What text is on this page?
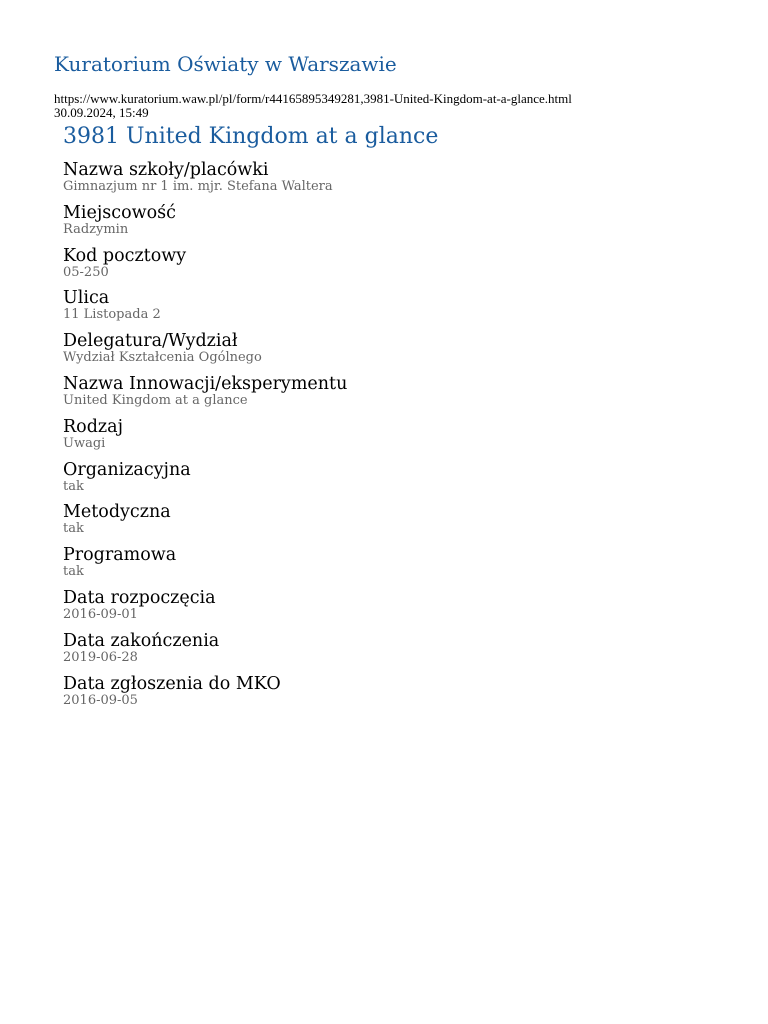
Kuratorium Oświaty w Warszawie
https://www.kuratorium.waw.pl/pl/form/r44165895349281,3981-United-Kingdom-at-a-glance.html
30.09.2024, 15:49
3981 United Kingdom at a glance
Nazwa szkoły/placówki
Gimnazjum nr 1 im. mjr. Stefana Waltera
Miejscowość
Radzymin
Kod pocztowy
05-250
Ulica
11 Listopada 2
Delegatura/Wydział
Wydział Kształcenia Ogólnego
Nazwa Innowacji/eksperymentu
United Kingdom at a glance
Rodzaj
Uwagi
Organizacyjna
tak
Metodyczna
tak
Programowa
tak
Data rozpoczęcia
2016-09-01
Data zakończenia
2019-06-28
Data zgłoszenia do MKO
2016-09-05
